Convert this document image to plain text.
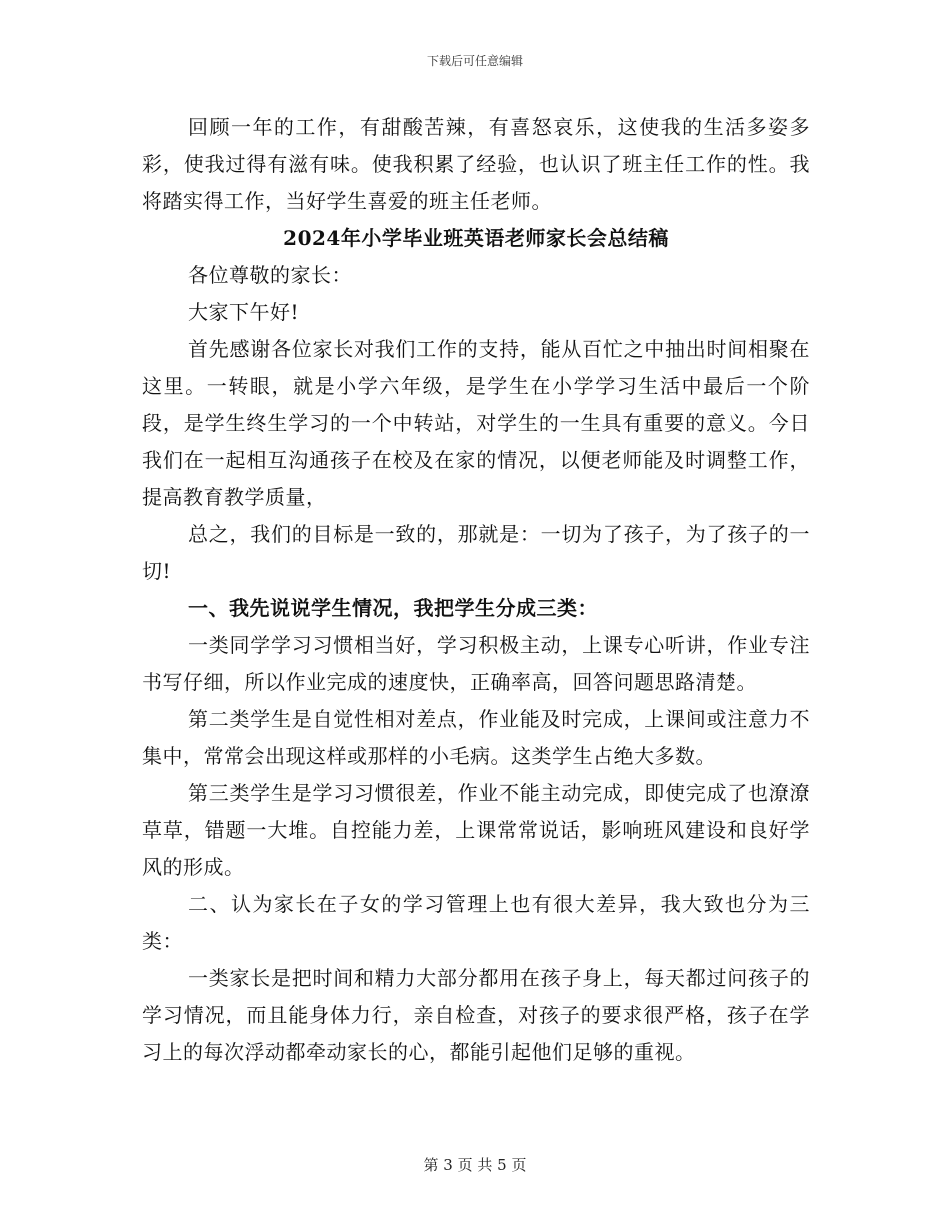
下载后可任意编辑

回顾一年的工作，有甜酸苦辣，有喜怒哀乐，这使我的生活多姿多彩，使我过得有滋有味。使我积累了经验，也认识了班主任工作的性。我将踏实得工作，当好学生喜爱的班主任老师。

2024年小学毕业班英语老师家长会总结稿

各位尊敬的家长：

大家下午好!

首先感谢各位家长对我们工作的支持，能从百忙之中抽出时间相聚在这里。一转眼，就是小学六年级，是学生在小学学习生活中最后一个阶段，是学生终生学习的一个中转站，对学生的一生具有重要的意义。今日我们在一起相互沟通孩子在校及在家的情况，以便老师能及时调整工作，提高教育教学质量，

总之，我们的目标是一致的，那就是：一切为了孩子，为了孩子的一切!

一、我先说说学生情况，我把学生分成三类：

一类同学学习习惯相当好，学习积极主动，上课专心听讲，作业专注书写仔细，所以作业完成的速度快，正确率高，回答问题思路清楚。

第二类学生是自觉性相对差点，作业能及时完成，上课间或注意力不集中，常常会出现这样或那样的小毛病。这类学生占绝大多数。

第三类学生是学习习惯很差，作业不能主动完成，即使完成了也潦潦草草，错题一大堆。自控能力差，上课常常说话，影响班风建设和良好学风的形成。

二、认为家长在子女的学习管理上也有很大差异，我大致也分为三类：

一类家长是把时间和精力大部分都用在孩子身上，每天都过问孩子的学习情况，而且能身体力行，亲自检查，对孩子的要求很严格，孩子在学习上的每次浮动都牵动家长的心，都能引起他们足够的重视。

第 3 页 共 5 页
